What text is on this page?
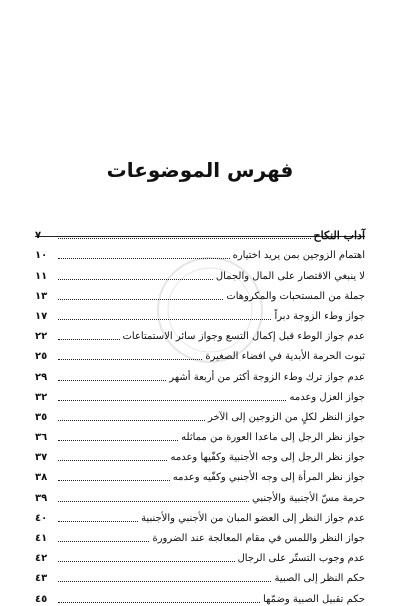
فهرس الموضوعات
آداب النكاح
٧
اهتمام الزوجين بمن يريد اختياره
١٠
لا ينبغي الاقتصار على المال والجمال
١١
جملة من المستحبات والمكروهات
١٣
جواز وطء الزوجة دبراً
١٧
عدم جواز الوطء قبل إكمال التسع وجواز سائر الاستمتاعات
٢٢
ثبوت الحرمة الأبدية في افضاء الصغيرة
٢٥
عدم جواز ترك وطء الزوجة أكثر من أربعة أشهر
٢٩
جواز العزل وعدمه
٣٢
جواز النظر لكلٍ من الزوجين إلى الآخر
٣٥
جواز نظر الرجل إلى ماعدا العورة من مماثله
٣٦
جواز نظر الرجل إلى وجه الأجنبية وكفّيها وعدمه
٣٧
جواز نظر المرأة إلى وجه الأجنبي وكفّيه وعدمه
٣٨
حرمة مسّ الأجنبية والأجنبي
٣٩
عدم جواز النظر إلى العضو المبان من الأجنبي والأجنبية
٤٠
جواز النظر واللمس في مقام المعالجة عند الضرورة
٤١
عدم وجوب التستّر على الرجال
٤٢
حكم النظر إلى الصبية
٤٣
حكم تقبيل الصبية وضمّها
٤٥
